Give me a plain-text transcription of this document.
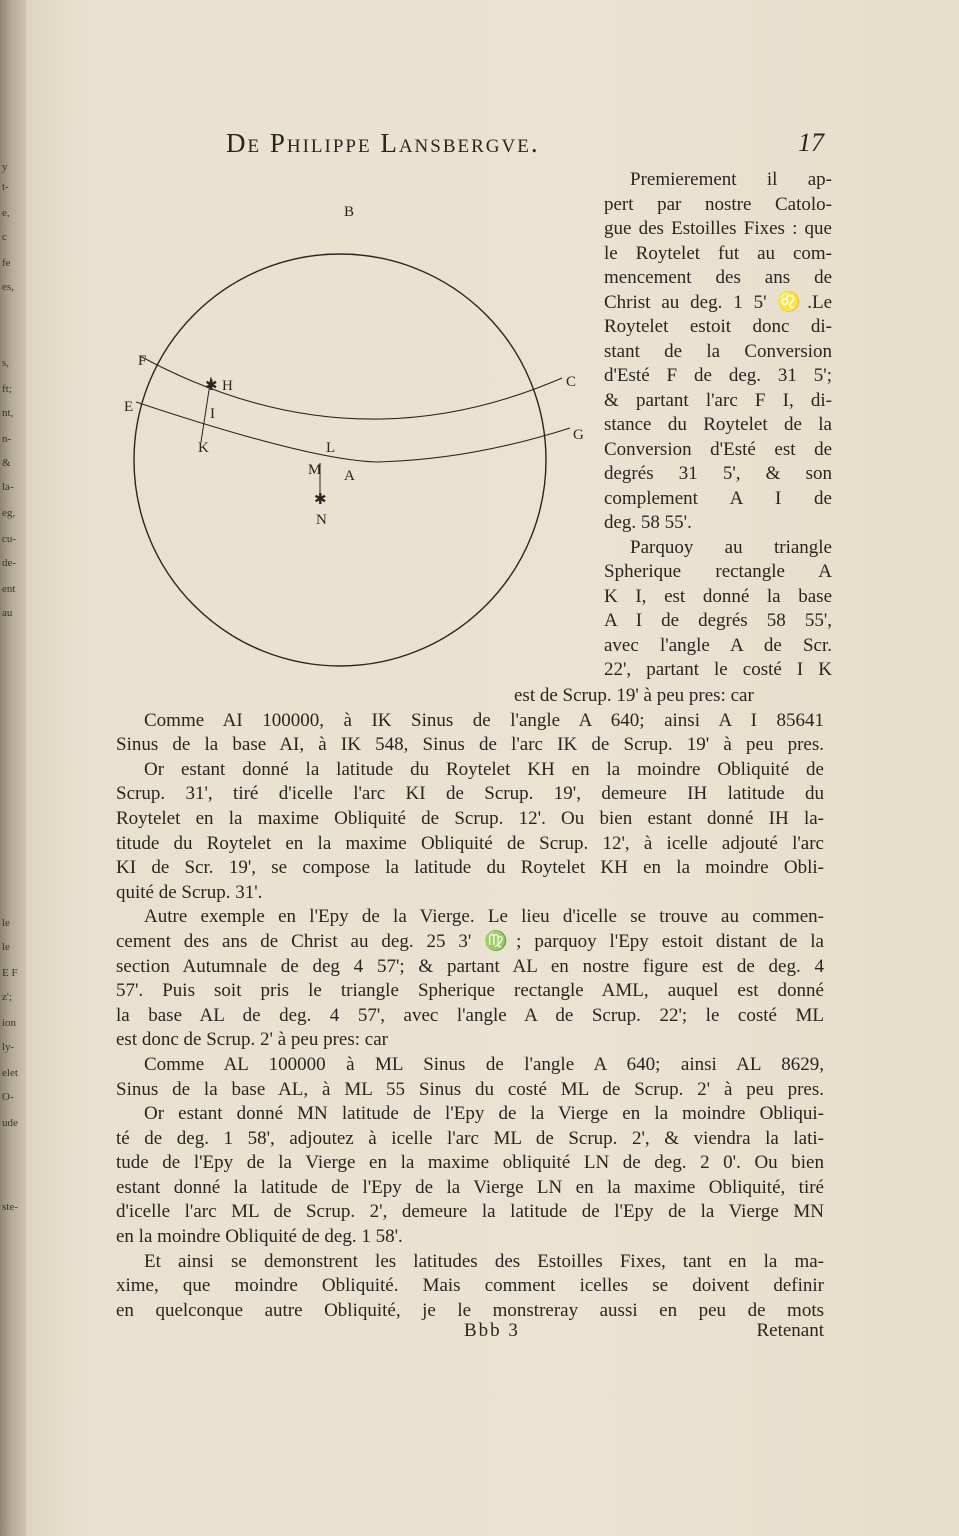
y
t-
e,
c
fe
es,
s,
ft;
nt,
n-
&
la-
eg,
cu-
de-
ent
au
le
le
E F
z';
ion
ly-
elet
O-
ude
ste-
De Philippe Lansbergve.	17
✱
✱
B
F
H	C
E	I
G
K	L
M A
N
Premierement il ap-
pert par nostre Catolo-
gue des Estoilles Fixes : que
le Roytelet fut au com-
mencement des ans de
Christ au deg. 1 5' ♌.Le
Roytelet estoit donc di-
stant de la Conversion
d'Esté F de deg. 31 5';
& partant l'arc F I, di-
stance du Roytelet de la
Conversion d'Esté est de
degrés 31 5', & son
complement A I de
deg. 58 55'.
Parquoy au triangle
Spherique rectangle A
K I, est donné la base
A I de degrés 58 55',
avec l'angle A de Scr.
22', partant le costé I K
est de Scrup. 19' à peu pres: car
Comme AI 100000, à IK Sinus de l'angle A 640; ainsi A I 85641
Sinus de la base AI, à IK 548, Sinus de l'arc IK de Scrup. 19' à peu pres.
Or estant donné la latitude du Roytelet KH en la moindre Obliquité de
Scrup. 31', tiré d'icelle l'arc KI de Scrup. 19', demeure IH latitude du
Roytelet en la maxime Obliquité de Scrup. 12'. Ou bien estant donné IH la-
titude du Roytelet en la maxime Obliquité de Scrup. 12', à icelle adjouté l'arc
KI de Scr. 19', se compose la latitude du Roytelet KH en la moindre Obli-
quité de Scrup. 31'.
Autre exemple en l'Epy de la Vierge. Le lieu d'icelle se trouve au commen-
cement des ans de Christ au deg. 25 3' ♍; parquoy l'Epy estoit distant de la
section Autumnale de deg 4 57'; & partant AL en nostre figure est de deg. 4
57'. Puis soit pris le triangle Spherique rectangle AML, auquel est donné
la base AL de deg. 4 57', avec l'angle A de Scrup. 22'; le costé ML
est donc de Scrup. 2' à peu pres: car
Comme AL 100000 à ML Sinus de l'angle A 640; ainsi AL 8629,
Sinus de la base AL, à ML 55 Sinus du costé ML de Scrup. 2' à peu pres.
Or estant donné MN latitude de l'Epy de la Vierge en la moindre Obliqui-
té de deg. 1 58', adjoutez à icelle l'arc ML de Scrup. 2', & viendra la lati-
tude de l'Epy de la Vierge en la maxime obliquité LN de deg. 2 0'. Ou bien
estant donné la latitude de l'Epy de la Vierge LN en la maxime Obliquité, tiré
d'icelle l'arc ML de Scrup. 2', demeure la latitude de l'Epy de la Vierge MN
en la moindre Obliquité de deg. 1 58'.
Et ainsi se demonstrent les latitudes des Estoilles Fixes, tant en la ma-
xime, que moindre Obliquité. Mais comment icelles se doivent definir
en quelconque autre Obliquité, je le monstreray aussi en peu de mots
Bbb 3	Retenant
